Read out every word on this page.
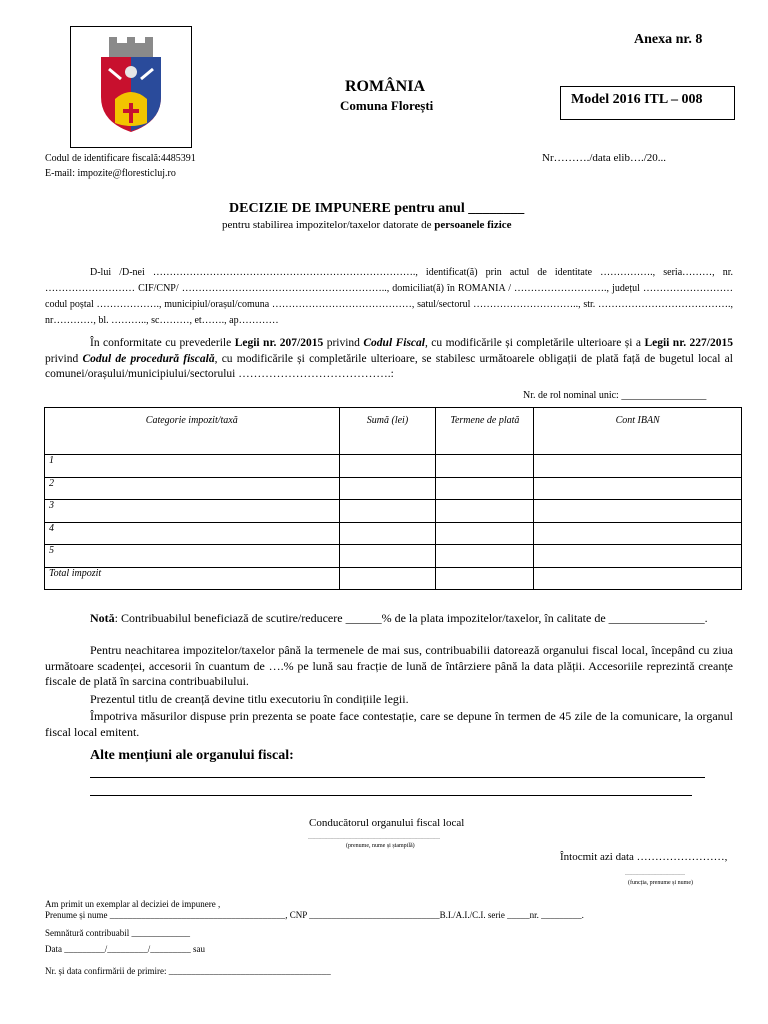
Anexa nr. 8
ROMÂNIA
Comuna Florești	Model 2016 ITL – 008
Codul de identificare fiscală:4485391
E-mail: impozite@floresticluj.ro
Nr………./data elib…./20...
DECIZIE DE IMPUNERE pentru anul ________
pentru stabilirea impozitelor/taxelor datorate de persoanele fizice
D-lui /D-nei ……………………………………………………………………., identificat(ă) prin actul de identitate ……………., seria………, nr. ……………………… CIF/CNP/ …………………………………………………….., domiciliat(ă) în ROMANIA / ………………………., județul ……………………… codul poștal ………………., municipiul/orașul/comuna ……………………………………, satul/sectorul ………………………….., str. …………………………………., nr…………, bl. ……….., sc………, et……., ap…………
În conformitate cu prevederile Legii nr. 207/2015 privind Codul Fiscal, cu modificările și completările ulterioare și a Legii nr. 227/2015 privind Codul de procedură fiscală, cu modificările și completările ulterioare, se stabilesc următoarele obligații de plată față de bugetul local al comunei/orașului/municipiului/sectorului ………………………………….:
Nr. de rol nominal unic: _________________
Categorie impozit/taxă	Sumă (lei)	Termene de plată	Cont IBAN
1			
2			
3			
4			
5			
Total impozit			
Notă: Contribuabilul beneficiază de scutire/reducere ______% de la plata impozitelor/taxelor, în calitate de ________________.
Pentru neachitarea impozitelor/taxelor până la termenele de mai sus, contribuabilii datorează organului fiscal local, începând cu ziua următoare scadenței, accesorii în cuantum de ….% pe lună sau fracție de lună de întârziere până la data plății. Accesoriile reprezintă creanțe fiscale de plată în sarcina contribuabilului.
Prezentul titlu de creanță devine titlu executoriu în condițiile legii.
Împotriva măsurilor dispuse prin prezenta se poate face contestație, care se depune în termen de 45 zile de la comunicare, la organul fiscal local emitent.
Alte mențiuni ale organului fiscal:
Conducătorul organului fiscal local
…………………………………………………………
(prenume, nume și ștampilă)
Întocmit azi data ……………………,
…………………………
(funcția, prenume și nume)
Am primit un exemplar al deciziei de impunere ,
Prenume și nume _______________________________________, CNP _____________________________B.I./A.I./C.I. serie _____nr. _________.
Semnătură contribuabil _____________
Data _________/_________/_________ sau
Nr. și data confirmării de primire: ____________________________________
